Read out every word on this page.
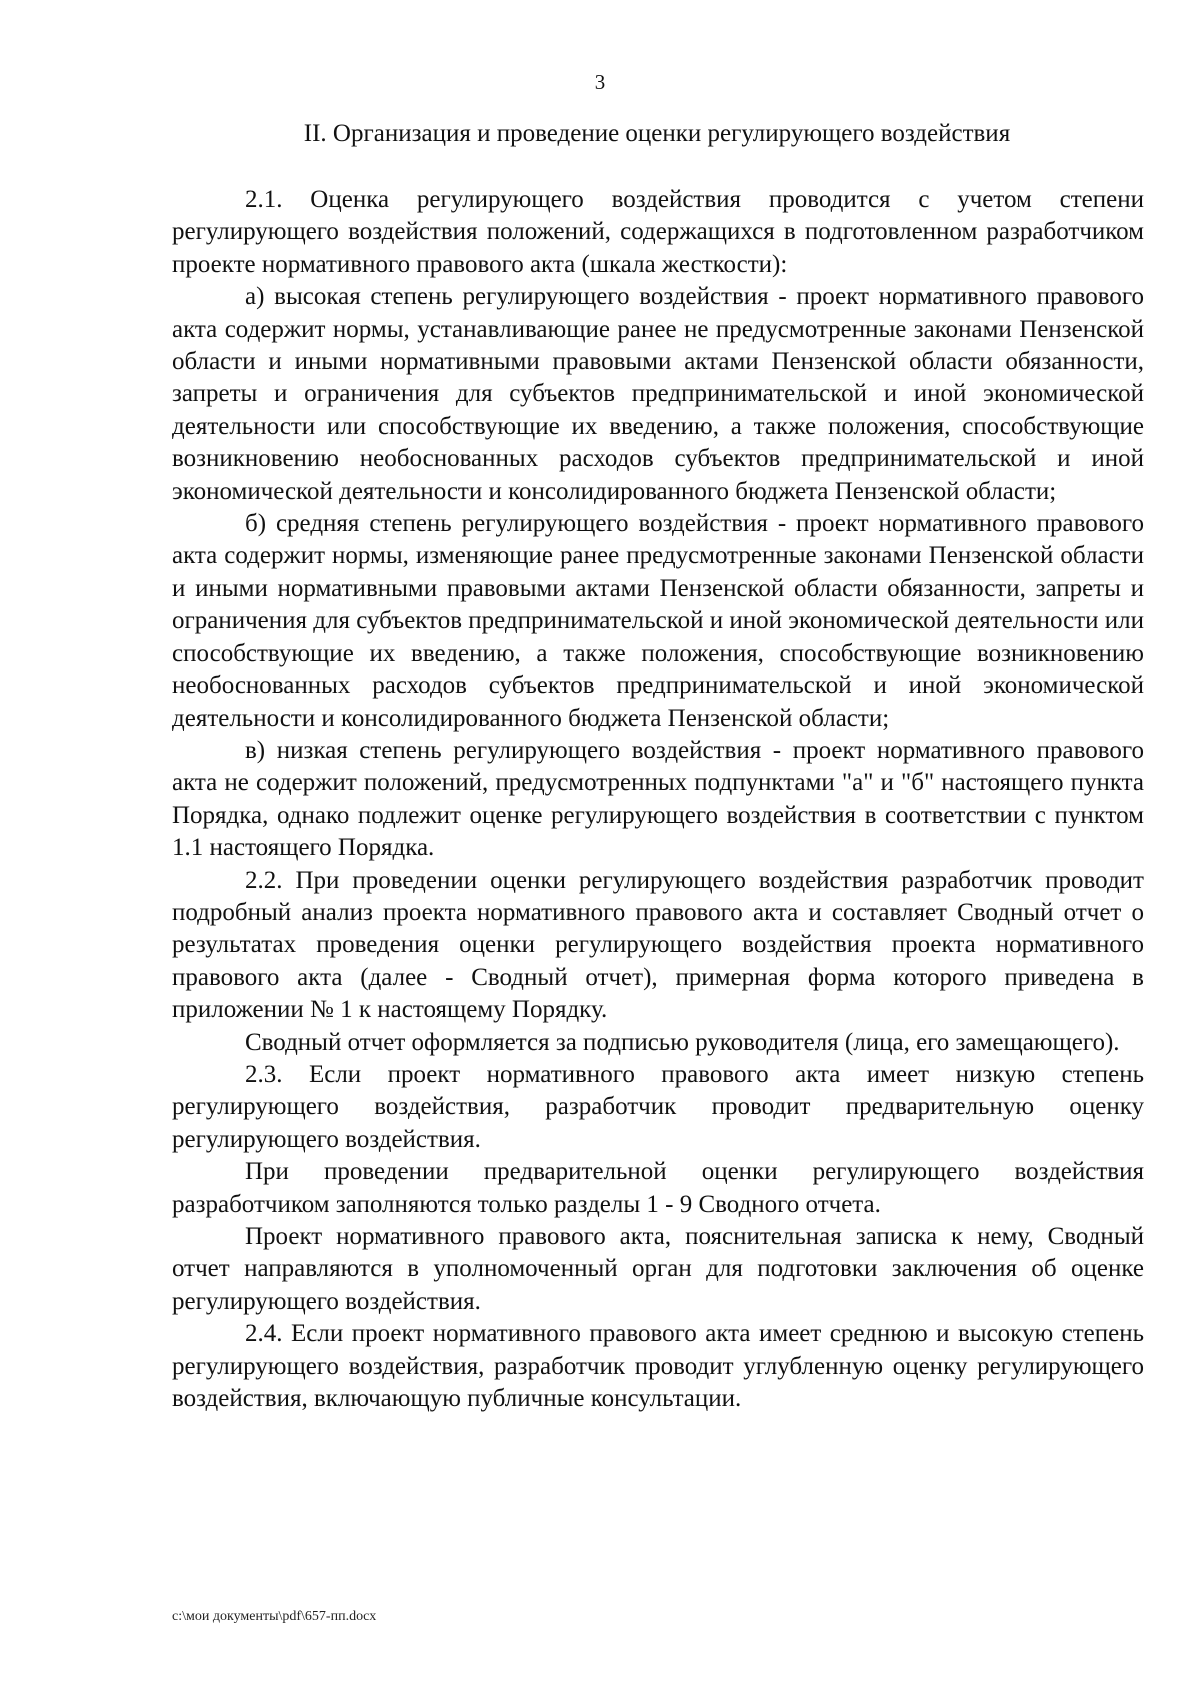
3
II. Организация и проведение оценки регулирующего воздействия

2.1. Оценка регулирующего воздействия проводится с учетом степени регулирующего воздействия положений, содержащихся в подготовленном разработчиком проекте нормативного правового акта (шкала жесткости):

а) высокая степень регулирующего воздействия - проект нормативного правового акта содержит нормы, устанавливающие ранее не предусмотренные законами Пензенской области и иными нормативными правовыми актами Пензенской области обязанности, запреты и ограничения для субъектов предпринимательской и иной экономической деятельности или способствующие их введению, а также положения, способствующие возникновению необоснованных расходов субъектов предпринимательской и иной экономической деятельности и консолидированного бюджета Пензенской области;

б) средняя степень регулирующего воздействия - проект нормативного правового акта содержит нормы, изменяющие ранее предусмотренные законами Пензенской области и иными нормативными правовыми актами Пензенской области обязанности, запреты и ограничения для субъектов предпринимательской и иной экономической деятельности или способствующие их введению, а также положения, способствующие возникновению необоснованных расходов субъектов предпринимательской и иной экономической деятельности и консолидированного бюджета Пензенской области;

в) низкая степень регулирующего воздействия - проект нормативного правового акта не содержит положений, предусмотренных подпунктами "а" и "б" настоящего пункта Порядка, однако подлежит оценке регулирующего воздействия в соответствии с пунктом 1.1 настоящего Порядка.

2.2. При проведении оценки регулирующего воздействия разработчик проводит подробный анализ проекта нормативного правового акта и составляет Сводный отчет о результатах проведения оценки регулирующего воздействия проекта нормативного правового акта (далее - Сводный отчет), примерная форма которого приведена в приложении № 1 к настоящему Порядку.

Сводный отчет оформляется за подписью руководителя (лица, его замещающего).

2.3. Если проект нормативного правового акта имеет низкую степень регулирующего воздействия, разработчик проводит предварительную оценку регулирующего воздействия.

При проведении предварительной оценки регулирующего воздействия разработчиком заполняются только разделы 1 - 9 Сводного отчета.

Проект нормативного правового акта, пояснительная записка к нему, Сводный отчет направляются в уполномоченный орган для подготовки заключения об оценке регулирующего воздействия.

2.4. Если проект нормативного правового акта имеет среднюю и высокую степень регулирующего воздействия, разработчик проводит углубленную оценку регулирующего воздействия, включающую публичные консультации.

c:\мои документы\pdf\657-пп.docx
